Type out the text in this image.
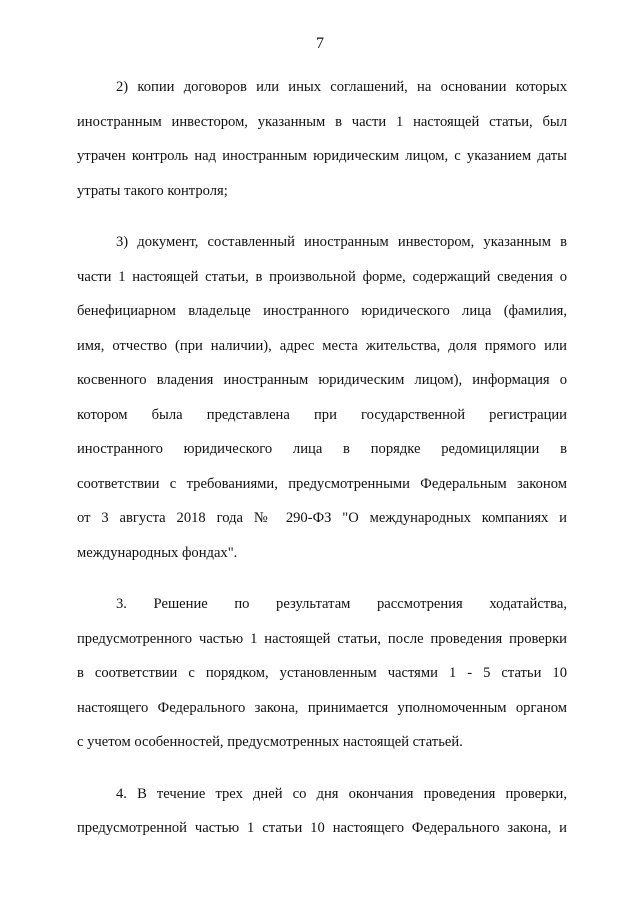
7
2) копии договоров или иных соглашений, на основании которых
иностранным инвестором, указанным в части 1 настоящей статьи, был
утрачен контроль над иностранным юридическим лицом, с указанием даты
утраты такого контроля;
3) документ, составленный иностранным инвестором, указанным в
части 1 настоящей статьи, в произвольной форме, содержащий сведения о
бенефициарном владельце иностранного юридического лица (фамилия,
имя, отчество (при наличии), адрес места жительства, доля прямого или
косвенного владения иностранным юридическим лицом), информация о
котором была представлена при государственной регистрации
иностранного юридического лица в порядке редомициляции в
соответствии с требованиями, предусмотренными Федеральным законом
от 3 августа 2018 года № 290-ФЗ "О международных компаниях и
международных фондах".
3. Решение по результатам рассмотрения ходатайства,
предусмотренного частью 1 настоящей статьи, после проведения проверки
в соответствии с порядком, установленным частями 1 - 5 статьи 10
настоящего Федерального закона, принимается уполномоченным органом
с учетом особенностей, предусмотренных настоящей статьей.
4. В течение трех дней со дня окончания проведения проверки,
предусмотренной частью 1 статьи 10 настоящего Федерального закона, и
